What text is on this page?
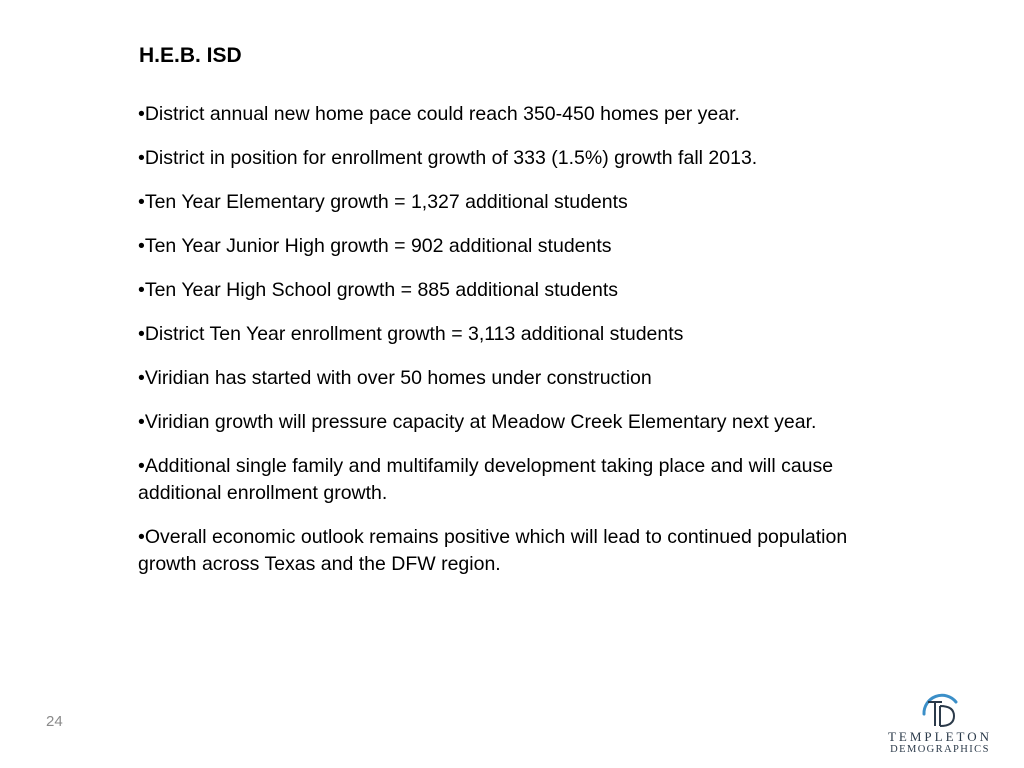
H.E.B. ISD
•District annual new home pace could reach 350-450 homes per year.
•District in position for enrollment growth of 333 (1.5%) growth fall 2013.
•Ten Year Elementary growth = 1,327 additional students
•Ten Year Junior High growth = 902 additional students
•Ten Year High School growth = 885 additional students
•District Ten Year enrollment growth = 3,113 additional students
•Viridian has started with over 50 homes under construction
•Viridian growth will pressure capacity at Meadow Creek Elementary next year.
•Additional single family and multifamily development taking place and will cause additional enrollment growth.
•Overall economic outlook remains positive which will lead to continued population growth across Texas and the DFW region.
24
TEMPLETON
DEMOGRAPHICS
